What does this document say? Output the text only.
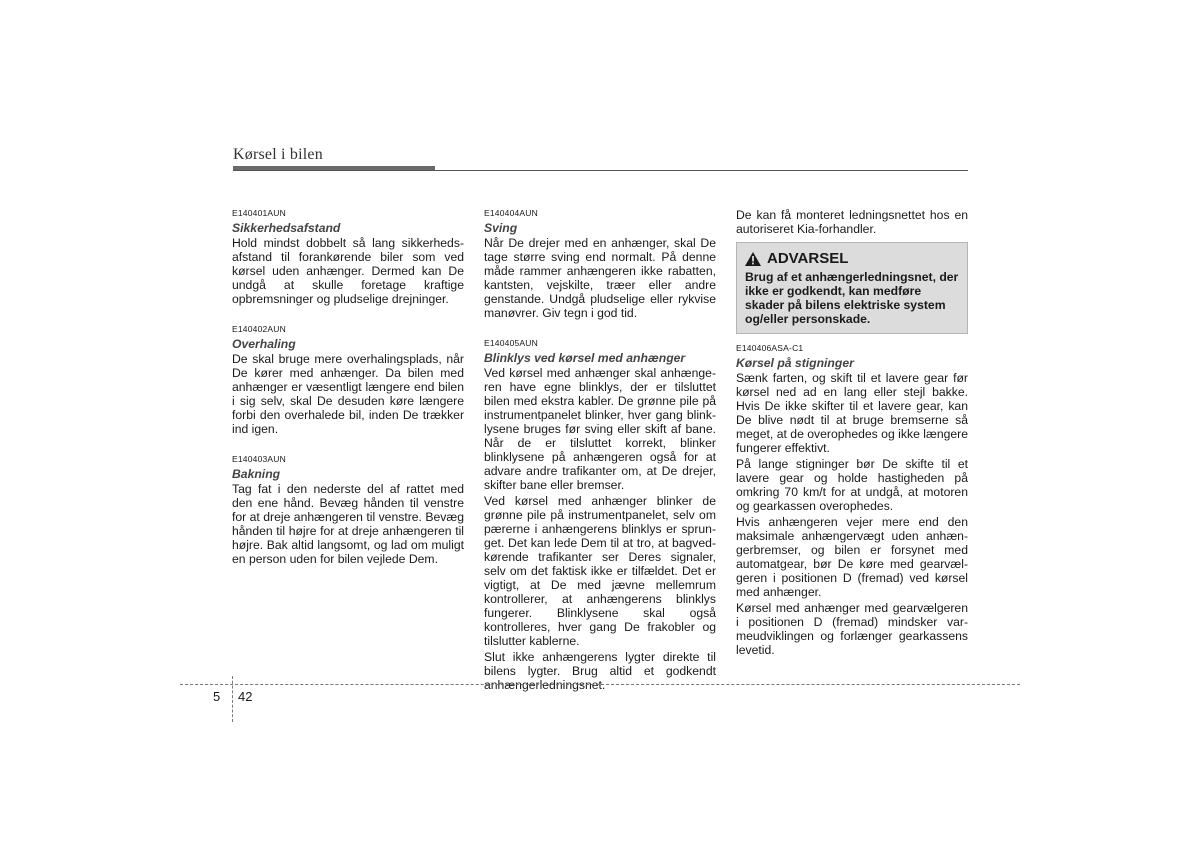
Kørsel i bilen
E140401AUN
Sikkerhedsafstand

Hold mindst dobbelt så lang sikkerhedsafstand til forankørende biler som ved kørsel uden anhænger. Dermed kan De undgå at skulle foretage kraftige opbremsninger og pludselige drejninger.

E140402AUN
Overhaling

De skal bruge mere overhalingsplads, når De kører med anhænger. Da bilen med anhænger er væsentligt længere end bilen i sig selv, skal De desuden køre længere forbi den overhalede bil, inden De trækker ind igen.

E140403AUN
Bakning

Tag fat i den nederste del af rattet med den ene hånd. Bevæg hånden til venstre for at dreje anhængeren til venstre. Bevæg hånden til højre for at dreje anhængeren til højre. Bak altid langsomt, og lad om muligt en person uden for bilen vejlede Dem.

E140404AUN
Sving

Når De drejer med en anhænger, skal De tage større sving end normalt. På denne måde rammer anhængeren ikke rabatten, kantsten, vejskilte, træer eller andre genstande. Undgå pludselige eller rykvise manøvrer. Giv tegn i god tid.

E140405AUN
Blinklys ved kørsel med anhænger

Ved kørsel med anhænger skal anhængeren have egne blinklys, der er tilsluttet bilen med ekstra kabler. De grønne pile på instrumentpanelet blinker, hver gang blinklysene bruges før sving eller skift af bane. Når de er tilsluttet korrekt, blinker blinklysene på anhængeren også for at advare andre trafikanter om, at De drejer, skifter bane eller bremser.

Ved kørsel med anhænger blinker de grønne pile på instrumentpanelet, selv om pærerne i anhængerens blinklys er sprunget. Det kan lede Dem til at tro, at bagvedkørende trafikanter ser Deres signaler, selv om det faktisk ikke er tilfældet. Det er vigtigt, at De med jævne mellemrum kontrollerer, at anhængerens blinklys fungerer. Blinklysene skal også kontrolleres, hver gang De frakobler og tilslutter kablerne.

Slut ikke anhængerens lygter direkte til bilens lygter. Brug altid et godkendt anhængerledningsnet.

De kan få monteret ledningsnettet hos en autoriseret Kia-forhandler.

ADVARSEL
Brug af et anhængerledningsnet, der ikke er godkendt, kan medføre skader på bilens elektriske system og/eller personskade.
E140406ASA-C1
Kørsel på stigninger

Sænk farten, og skift til et lavere gear før kørsel ned ad en lang eller stejl bakke. Hvis De ikke skifter til et lavere gear, kan De blive nødt til at bruge bremserne så meget, at de overophedes og ikke længere fungerer effektivt.

På lange stigninger bør De skifte til et lavere gear og holde hastigheden på omkring 70 km/t for at undgå, at motoren og gearkassen overophedes.

Hvis anhængeren vejer mere end den maksimale anhængervægt uden anhængerbremser, og bilen er forsynet med automatgear, bør De køre med gearvælgeren i positionen D (fremad) ved kørsel med anhænger.

Kørsel med anhænger med gearvælgeren i positionen D (fremad) mindsker varmeudviklingen og forlænger gearkassens levetid.

5 42
